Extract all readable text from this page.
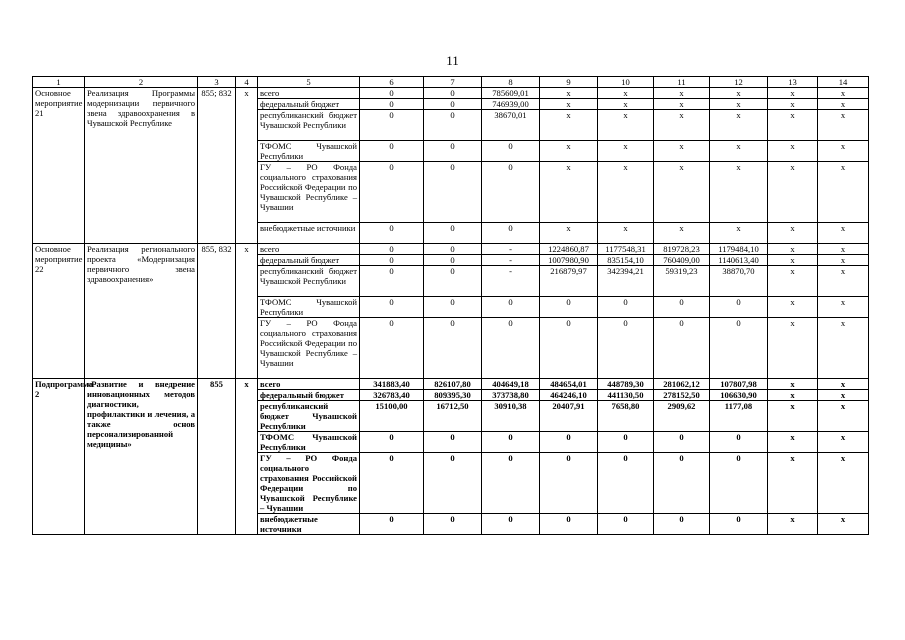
11
1	2	3	4	5	6	7	8	9	10	11	12	13	14
Основное мероприятие 21	Реализация Программы модернизации первичного звена здравоохранения в Чувашской Республике	855; 832	x	всего	0	0	785609,01	x	x	x	x	x	x
				федеральный бюджет	0	0	746939,00	x	x	x	x	x	x
				республиканский бюджет Чувашской Республики	0	0	38670,01	x	x	x	x	x	x
				ТФОМС Чувашской Республики	0	0	0	x	x	x	x	x	x
				ГУ – РО Фонда социального страхования Российской Федерации по Чувашской Республике – Чувашии	0	0	0	x	x	x	x	x	x
				внебюджетные источники	0	0	0	x	x	x	x	x	x
Основное мероприятие 22	Реализация регионального проекта «Модернизация первичного звена здравоохранения»	855, 832	x	всего	0	0	-	1224860,87	1177548,31	819728,23	1179484,10	x	x
				федеральный бюджет	0	0	-	1007980,90	835154,10	760409,00	1140613,40	x	x
				республиканский бюджет Чувашской Республики	0	0	-	216879,97	342394,21	59319,23	38870,70	x	x
				ТФОМС Чувашской Республики	0	0	0	0	0	0	0	x	x
				ГУ – РО Фонда социального страхования Российской Федерации по Чувашской Республике – Чувашии	0	0	0	0	0	0	0	x	x
Подпрограмма 2	«Развитие и внедрение инновационных методов диагностики, профилактики и лечения, а также основ персонализированной медицины»	855	x	всего	341883,40	826107,80	404649,18	484654,01	448789,30	281062,12	107807,98	x	x
				федеральный бюджет	326783,40	809395,30	373738,80	464246,10	441130,50	278152,50	106630,90	x	x
				республиканский бюджет Чувашской Республики	15100,00	16712,50	30910,38	20407,91	7658,80	2909,62	1177,08	x	x
				ТФОМС Чувашской Республики	0	0	0	0	0	0	0	x	x
				ГУ – РО Фонда социального страхования Российской Федерации по Чувашской Республике – Чувашии	0	0	0	0	0	0	0	x	x
				внебюджетные источники	0	0	0	0	0	0	0	x	x
